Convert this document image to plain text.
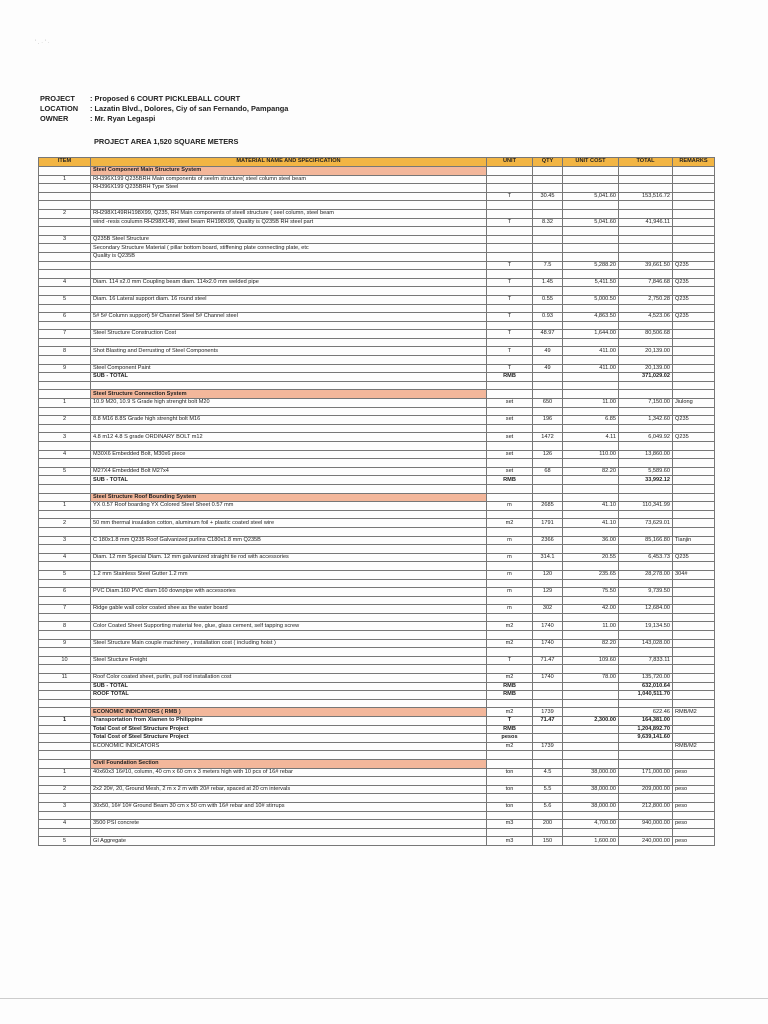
' . · ' ·
PROJECT : Proposed 6 COURT PICKLEBALL COURT
LOCATION : Lazatin Blvd., Dolores, Ciy of san Fernando, Pampanga
OWNER	: Mr. Ryan Legaspi
PROJECT AREA 1,520 SQUARE METERS
ITEM	MATERIAL NAME AND SPECIFICATION	UNIT	QTY	UNIT COST	TOTAL	REMARKS
	Steel Component Main Structure System					
1	RH396X199 Q235BRH Main components of seelm structure( steel column steel beam					
	RH396X199 Q235BRH Type Steel					
		T	30.45	5,041.60	153,516.72	

2	RH298X149RH198X99, Q235, RH Main components of steell structure ( seel column, steel beam					
	wind -resis coulumn RH298X149, steel beam RH198X99, Quality is Q235B RH steel part	T	8.32	5,041.60	41,946.11	

3	Q235B Steel Structure					
	Secondary Structure Material ( pillar bottom board, stiffening plate connecting plate, etc					
	Quality is Q235B					
		T	7.5	5,288.20	39,661.50	Q235

4	Diam. 114 x2.0 mm Coupling beam diam. 114x2.0 mm welded pipe	T	1.45	5,411.50	7,846.68	Q235

5	Diam. 16 Lateral support diam. 16 round steel	T	0.55	5,000.50	2,750.28	Q235

6	5# 5# Column support) 5# Channel Steel 5# Channel steel	T	0.93	4,863.50	4,523.06	Q235

7	Steel Structure Construction Cost	T	48.97	1,644.00	80,506.68	

8	Shot Blasting and Derrusting of Steel Components	T	49	411.00	20,139.00	

9	Steel Component Paint	T	49	411.00	20,139.00	
	SUB - TOTAL	RMB			371,029.02	

	Steel Structure Connection System					
1	10.9 M20, 10.9 S Grade high strenght bolt M20	set	650	11.00	7,150.00	Jiulong

2	8.8 M16 8.8S Grade high strenght bolt M16	set	196	6.85	1,342.60	Q235

3	4.8 m12 4.8 S grade ORDINARY BOLT m12	set	1472	4.11	6,049.92	Q235

4	M30X6 Embedded Bolt, M30x6 piece	set	126	110.00	13,860.00	

5	M27X4 Embedded Bolt M27x4	set	68	82.20	5,589.60	
	SUB - TOTAL	RMB			33,992.12	

	Steel Structure Roof Bounding System					
1	YX 0.57 Roof boarding YX Colored Steel Sheet 0.57 mm	m	2685	41.10	110,341.99	

2	50 mm thermal insulation cotton, aluminum foil + plastic coated steel wire	m2	1791	41.10	73,629.01	

3	C 180x1.8 mm Q235 Roof Galvanized purlins C180x1.8 mm Q235B	m	2366	36.00	85,166.80	Tianjin

4	Diam. 12 mm Special Diam. 12 mm galvanized straight tie rod with accessories	m	314.1	20.55	6,453.73	Q235

5	1.2 mm Stainless Steel Gutter 1.2 mm	m	120	235.65	28,278.00	304#

6	PVC Diam.160 PVC diam 160 downpipe with accessories	m	129	75.50	9,739.50	

7	Ridge gable wall color coated shee as the water board	m	302	42.00	12,684.00	

8	Color Coated Sheet Supporting material fee, glue, glass cement, self tapping screw	m2	1740	11.00	19,134.50	

9	Steel Structure Main couple machinery , installation cost ( including hoist )	m2	1740	82.20	143,028.00	

10	Steel Stucture Freight	T	71.47	109.60	7,833.11	

11	Roof Color coated sheet, purlin, pull rod installation cost	m2	1740	78.00	135,720.00	
	SUB - TOTAL	RMB			632,010.64	
	ROOF TOTAL	RMB			1,040,511.70	

	ECONOMIC INDICATORS ( RMB )	m2	1739		622.46	RMB/M2
1	Transportation from Xiamen to Philippine	T	71.47	2,300.00	164,381.00	
	Total Cost of Steel Structure Project	RMB			1,204,892.70	
	Total Cost of Steel Structure Project	pesos			9,639,141.60	
	ECONOMIC INDICATORS	m2	1739			RMB/M2

	Civil Foundation Section					
1	40x60x3 16#10, column, 40 cm x 60 cm x 3 meters high with 10 pcs of 16# rebar	ton	4.5	38,000.00	171,000.00	peso

2	2x2 20#, 20, Ground Mesh, 2 m x 2 m with 20# rebar, spaced at 20 cm intervals	ton	5.5	38,000.00	209,000.00	peso

3	30x50, 16# 10# Ground Beam 30 cm x 50 cm with 16# rebar and 10# stirrups	ton	5.6	38,000.00	212,800.00	peso

4	3500 PSI concrete	m3	200	4,700.00	940,000.00	peso

5	GI Aggregate	m3	150	1,600.00	240,000.00	peso
